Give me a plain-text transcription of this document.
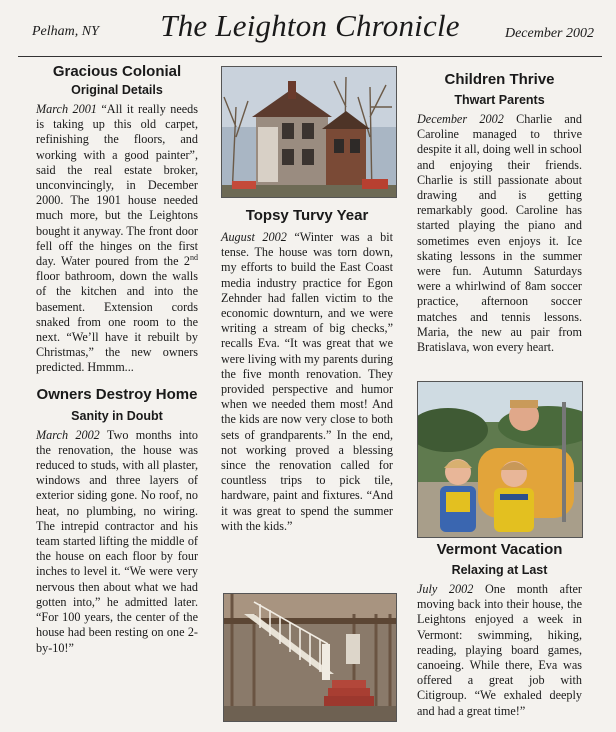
Pelham, NY	The Leighton Chronicle	December 2002
Gracious Colonial
Original Details

March 2001 “All it really needs is taking up this old carpet, refinishing the floors, and working with a good painter”, said the real estate broker, unconvincingly, in December 2000. The 1901 house needed much more, but the Leightons bought it anyway. The front door fell off the hinges on the first day. Water poured from the 2nd floor bathroom, down the walls of the kitchen and into the basement. Extension cords snaked from one room to the next. “We’ll have it rebuilt by Christmas,” the new owners predicted. Hmmm...

Owners Destroy Home
Sanity in Doubt

March 2002 Two months into the renovation, the house was reduced to studs, with all plaster, windows and three layers of exterior siding gone. No roof, no heat, no plumbing, no wiring. The intrepid contractor and his team started lifting the middle of the house on each floor by four inches to level it. “We were very nervous then about what we had gotten into,” he admitted later. “For 100 years, the center of the house had been resting on one 2-by-10!”

Topsy Turvy Year

August 2002 “Winter was a bit tense. The house was torn down, my efforts to build the East Coast media industry practice for Egon Zehnder had fallen victim to the economic downturn, and we were writing a stream of big checks,” recalls Eva. “It was great that we were living with my parents during the five month renovation. They provided perspective and humor when we needed them most! And the kids are now very close to both sets of grandparents.” In the end, not working proved a blessing since the renovation called for countless trips to pick tile, hardware, paint and fixtures. “And it was great to spend the summer with the kids.”

Children Thrive
Thwart Parents

December 2002 Charlie and Caroline managed to thrive despite it all, doing well in school and enjoying their friends. Charlie is still passionate about drawing and is getting remarkably good. Caroline has started playing the piano and sometimes even enjoys it. Ice skating lessons in the summer were fun. Autumn Saturdays were a whirlwind of 8am soccer practice, afternoon soccer matches and tennis lessons. Maria, the new au pair from Bratislava, won every heart.

Vermont Vacation
Relaxing at Last

July 2002 One month after moving back into their house, the Leightons enjoyed a week in Vermont: swimming, hiking, reading, playing board games, canoeing. While there, Eva was offered a great job with Citigroup. “We exhaled deeply and had a great time!”
